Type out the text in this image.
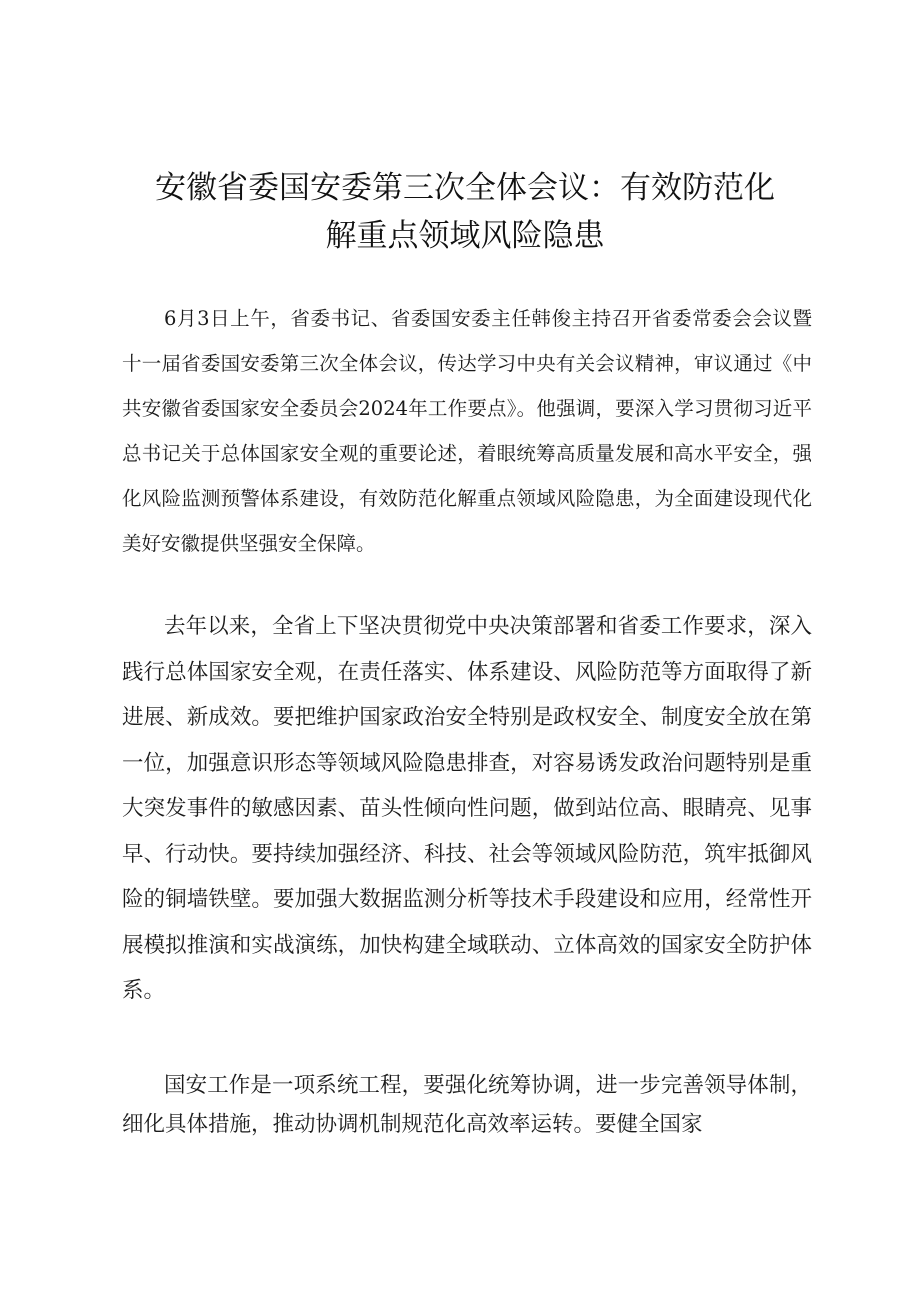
安徽省委国安委第三次全体会议：有效防范化
解重点领域风险隐患

6月3日上午，省委书记、省委国安委主任韩俊主持召开省委常委会会议暨十一届省委国安委第三次全体会议，传达学习中央有关会议精神，审议通过《中共安徽省委国家安全委员会2024年工作要点》。他强调，要深入学习贯彻习近平总书记关于总体国家安全观的重要论述，着眼统筹高质量发展和高水平安全，强化风险监测预警体系建设，有效防范化解重点领域风险隐患，为全面建设现代化美好安徽提供坚强安全保障。

去年以来，全省上下坚决贯彻党中央决策部署和省委工作要求，深入践行总体国家安全观，在责任落实、体系建设、风险防范等方面取得了新进展、新成效。要把维护国家政治安全特别是政权安全、制度安全放在第一位，加强意识形态等领域风险隐患排查，对容易诱发政治问题特别是重大突发事件的敏感因素、苗头性倾向性问题，做到站位高、眼睛亮、见事早、行动快。要持续加强经济、科技、社会等领域风险防范，筑牢抵御风险的铜墙铁壁。要加强大数据监测分析等技术手段建设和应用，经常性开展模拟推演和实战演练，加快构建全域联动、立体高效的国家安全防护体系。

国安工作是一项系统工程，要强化统筹协调，进一步完善领导体制，细化具体措施，推动协调机制规范化高效率运转。要健全国家
